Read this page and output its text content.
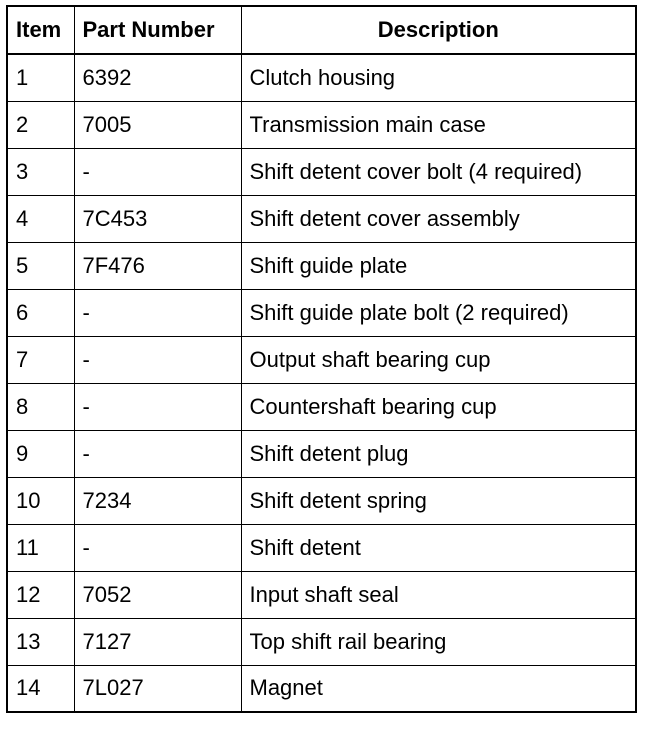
Item	Part Number	Description
1	6392	Clutch housing
2	7005	Transmission main case
3	-	Shift detent cover bolt (4 required)
4	7C453	Shift detent cover assembly
5	7F476	Shift guide plate
6	-	Shift guide plate bolt (2 required)
7	-	Output shaft bearing cup
8	-	Countershaft bearing cup
9	-	Shift detent plug
10	7234	Shift detent spring
11	-	Shift detent
12	7052	Input shaft seal
13	7127	Top shift rail bearing
14	7L027	Magnet
